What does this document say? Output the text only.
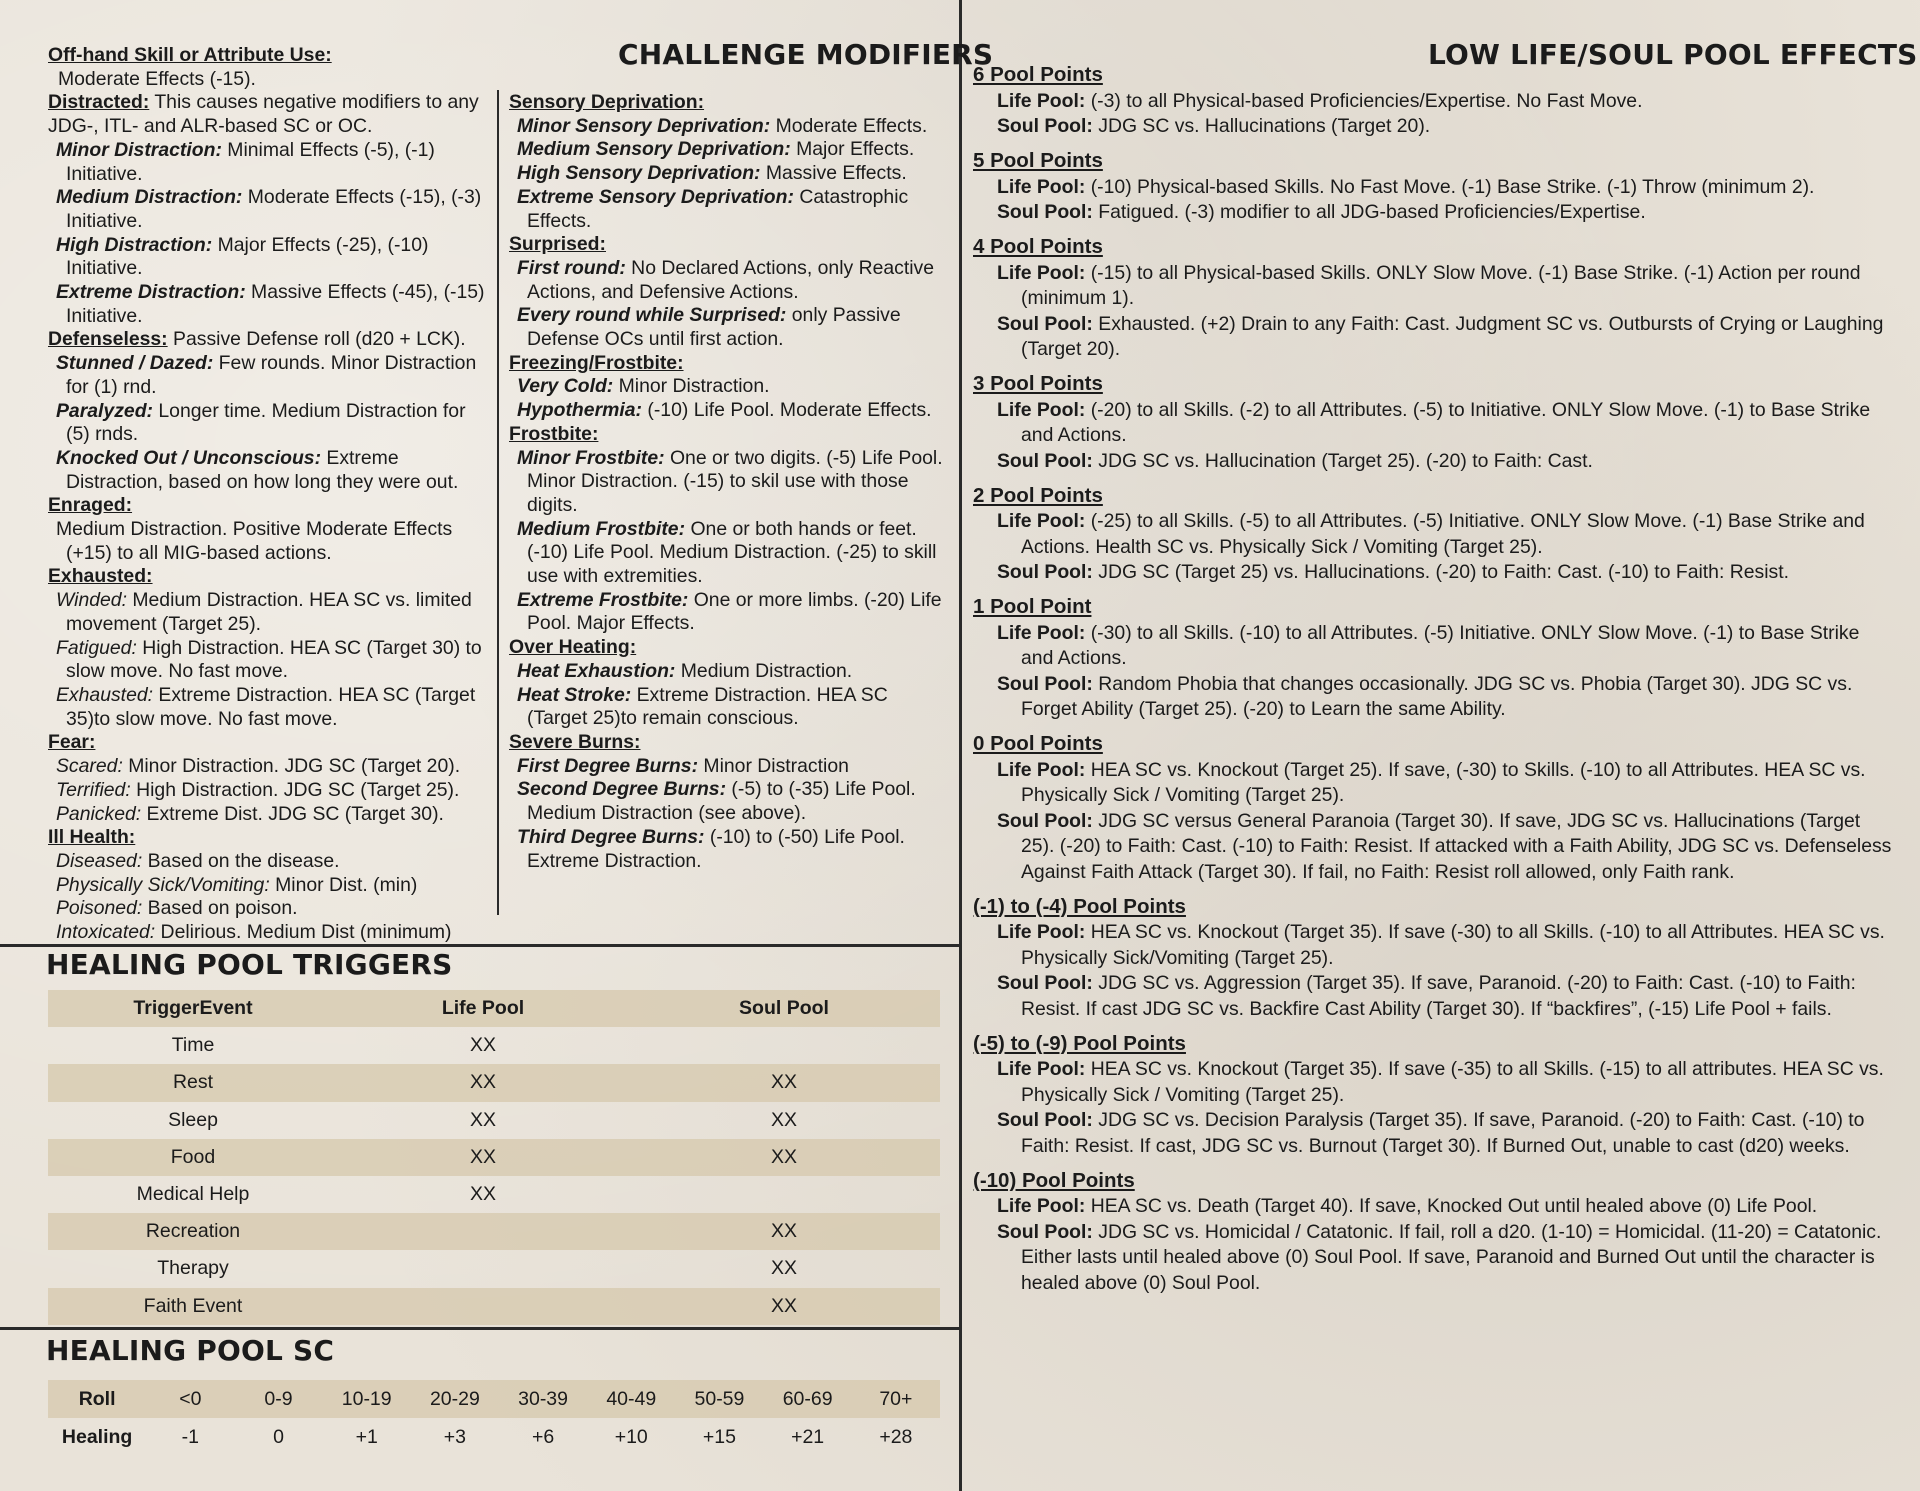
CHALLENGE MODIFIERS	LOW LIFE/SOUL POOL EFFECTS
HEALING POOL TRIGGERS
HEALING POOL SC

Off-hand Skill or Attribute Use:

Moderate Effects (-15).

Distracted: This causes negative modifiers to any JDG-, ITL- and ALR-based SC or OC.

Minor Distraction: Minimal Effects (-5), (-1) Initiative.

Medium Distraction: Moderate Effects (-15), (-3) Initiative.

High Distraction: Major Effects (-25), (-10) Initiative.

Extreme Distraction: Massive Effects (-45), (-15) Initiative.

Defenseless: Passive Defense roll (d20 + LCK).

Stunned / Dazed: Few rounds. Minor Distraction for (1) rnd.

Paralyzed: Longer time. Medium Distraction for (5) rnds.

Knocked Out / Unconscious: Extreme Distraction, based on how long they were out.

Enraged:

Medium Distraction. Positive Moderate Effects (+15) to all MIG-based actions.

Exhausted:

Winded: Medium Distraction. HEA SC vs. limited movement (Target 25).

Fatigued: High Distraction. HEA SC (Target 30) to slow move. No fast move.

Exhausted: Extreme Distraction. HEA SC (Target 35)to slow move. No fast move.

Fear:

Scared: Minor Distraction. JDG SC (Target 20).

Terrified: High Distraction. JDG SC (Target 25).

Panicked: Extreme Dist. JDG SC (Target 30).

Ill Health:

Diseased: Based on the disease.

Physically Sick/Vomiting: Minor Dist. (min)

Poisoned: Based on poison.

Intoxicated: Delirious. Medium Dist (minimum)

Sensory Deprivation:

Minor Sensory Deprivation: Moderate Effects.

Medium Sensory Deprivation: Major Effects.

High Sensory Deprivation: Massive Effects.

Extreme Sensory Deprivation: Catastrophic Effects.

Surprised:

First round: No Declared Actions, only Reactive Actions, and Defensive Actions.

Every round while Surprised: only Passive Defense OCs until first action.

Freezing/Frostbite:

Very Cold: Minor Distraction.

Hypothermia: (-10) Life Pool. Moderate Effects.

Frostbite:

Minor Frostbite: One or two digits. (-5) Life Pool. Minor Distraction. (-15) to skil use with those digits.

Medium Frostbite: One or both hands or feet. (-10) Life Pool. Medium Distraction. (-25) to skill use with extremities.

Extreme Frostbite: One or more limbs. (-20) Life Pool. Major Effects.

Over Heating:

Heat Exhaustion: Medium Distraction.

Heat Stroke: Extreme Distraction. HEA SC (Target 25)to remain conscious.

Severe Burns:

First Degree Burns: Minor Distraction

Second Degree Burns: (-5) to (-35) Life Pool. Medium Distraction (see above).

Third Degree Burns: (-10) to (-50) Life Pool. Extreme Distraction.

TriggerEvent	Life Pool	Soul Pool
Time	XX	
Rest	XX	XX
Sleep	XX	XX
Food	XX	XX
Medical Help	XX	
Recreation		XX
Therapy		XX
Faith Event		XX
Roll	<0	0-9	10-19	20-29	30-39	40-49	50-59	60-69	70+
Healing	-1	0	+1	+3	+6	+10	+15	+21	+28

6 Pool Points

Life Pool: (-3) to all Physical-based Proficiencies/Expertise. No Fast Move.

Soul Pool: JDG SC vs. Hallucinations (Target 20).

5 Pool Points

Life Pool: (-10) Physical-based Skills. No Fast Move. (-1) Base Strike. (-1) Throw (minimum 2).

Soul Pool: Fatigued. (-3) modifier to all JDG-based Proficiencies/Expertise.

4 Pool Points

Life Pool: (-15) to all Physical-based Skills. ONLY Slow Move. (-1) Base Strike. (-1) Action per round (minimum 1).

Soul Pool: Exhausted. (+2) Drain to any Faith: Cast. Judgment SC vs. Outbursts of Crying or Laughing (Target 20).

3 Pool Points

Life Pool: (-20) to all Skills. (-2) to all Attributes. (-5) to Initiative. ONLY Slow Move. (-1) to Base Strike and Actions.

Soul Pool: JDG SC vs. Hallucination (Target 25). (-20) to Faith: Cast.

2 Pool Points

Life Pool: (-25) to all Skills. (-5) to all Attributes. (-5) Initiative. ONLY Slow Move. (-1) Base Strike and Actions. Health SC vs. Physically Sick / Vomiting (Target 25).

Soul Pool: JDG SC (Target 25) vs. Hallucinations. (-20) to Faith: Cast. (-10) to Faith: Resist.

1 Pool Point

Life Pool: (-30) to all Skills. (-10) to all Attributes. (-5) Initiative. ONLY Slow Move. (-1) to Base Strike and Actions.

Soul Pool: Random Phobia that changes occasionally. JDG SC vs. Phobia (Target 30). JDG SC vs. Forget Ability (Target 25). (-20) to Learn the same Ability.

0 Pool Points

Life Pool: HEA SC vs. Knockout (Target 25). If save, (-30) to Skills. (-10) to all Attributes. HEA SC vs. Physically Sick / Vomiting (Target 25).

Soul Pool: JDG SC versus General Paranoia (Target 30). If save, JDG SC vs. Hallucinations (Target 25). (-20) to Faith: Cast. (-10) to Faith: Resist. If attacked with a Faith Ability, JDG SC vs. Defenseless Against Faith Attack (Target 30). If fail, no Faith: Resist roll allowed, only Faith rank.

(-1) to (-4) Pool Points

Life Pool: HEA SC vs. Knockout (Target 35). If save (-30) to all Skills. (-10) to all Attributes. HEA SC vs. Physically Sick/Vomiting (Target 25).

Soul Pool: JDG SC vs. Aggression (Target 35). If save, Paranoid. (-20) to Faith: Cast. (-10) to Faith: Resist. If cast JDG SC vs. Backfire Cast Ability (Target 30). If “backfires”, (-15) Life Pool + fails.

(-5) to (-9) Pool Points

Life Pool: HEA SC vs. Knockout (Target 35). If save (-35) to all Skills. (-15) to all attributes. HEA SC vs. Physically Sick / Vomiting (Target 25).

Soul Pool: JDG SC vs. Decision Paralysis (Target 35). If save, Paranoid. (-20) to Faith: Cast. (-10) to Faith: Resist. If cast, JDG SC vs. Burnout (Target 30). If Burned Out, unable to cast (d20) weeks.

(-10) Pool Points

Life Pool: HEA SC vs. Death (Target 40). If save, Knocked Out until healed above (0) Life Pool.

Soul Pool: JDG SC vs. Homicidal / Catatonic. If fail, roll a d20. (1-10) = Homicidal. (11-20) = Catatonic. Either lasts until healed above (0) Soul Pool. If save, Paranoid and Burned Out until the character is healed above (0) Soul Pool.
